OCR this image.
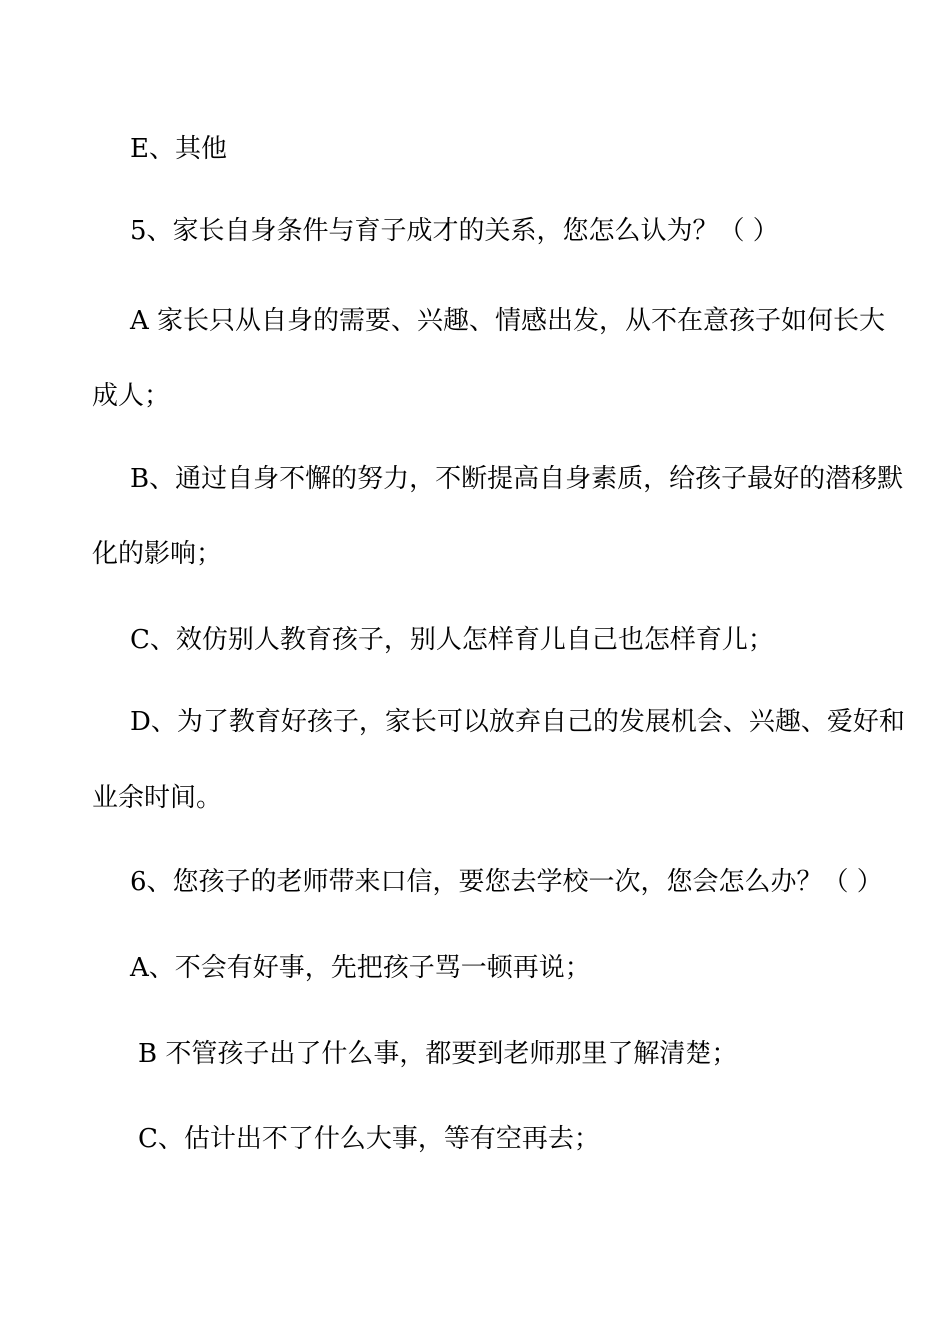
E、其他
5、家长自身条件与育子成才的关系，您怎么认为？（ ）
A 家长只从自身的需要、兴趣、情感出发，从不在意孩子如何长大
成人；
B、通过自身不懈的努力，不断提高自身素质，给孩子最好的潜移默
化的影响；
C、效仿别人教育孩子，别人怎样育儿自己也怎样育儿；
D、为了教育好孩子，家长可以放弃自己的发展机会、兴趣、爱好和
业余时间。
6、您孩子的老师带来口信，要您去学校一次，您会怎么办？（ ）
A、不会有好事，先把孩子骂一顿再说；
B 不管孩子出了什么事，都要到老师那里了解清楚；
C、估计出不了什么大事，等有空再去；
